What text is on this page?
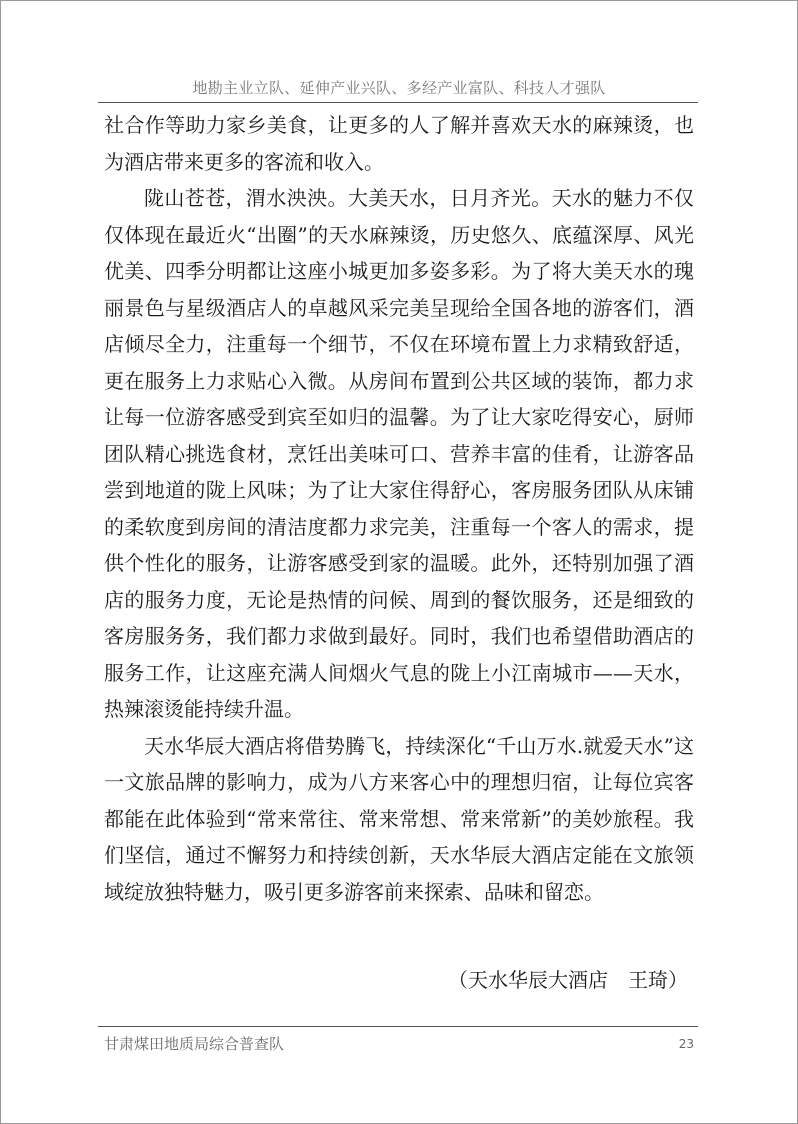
地勘主业立队、延伸产业兴队、多经产业富队、科技人才强队

社合作等助力家乡美食，让更多的人了解并喜欢天水的麻辣烫，也为酒店带来更多的客流和收入。

陇山苍苍，渭水泱泱。大美天水，日月齐光。天水的魅力不仅仅体现在最近火“出圈”的天水麻辣烫，历史悠久、底蕴深厚、风光优美、四季分明都让这座小城更加多姿多彩。为了将大美天水的瑰丽景色与星级酒店人的卓越风采完美呈现给全国各地的游客们，酒店倾尽全力，注重每一个细节，不仅在环境布置上力求精致舒适，更在服务上力求贴心入微。从房间布置到公共区域的装饰，都力求让每一位游客感受到宾至如归的温馨。为了让大家吃得安心，厨师团队精心挑选食材，烹饪出美味可口、营养丰富的佳肴，让游客品尝到地道的陇上风味；为了让大家住得舒心，客房服务团队从床铺的柔软度到房间的清洁度都力求完美，注重每一个客人的需求，提供个性化的服务，让游客感受到家的温暖。此外，还特别加强了酒店的服务力度，无论是热情的问候、周到的餐饮服务，还是细致的客房服务务，我们都力求做到最好。同时，我们也希望借助酒店的服务工作，让这座充满人间烟火气息的陇上小江南城市——天水，热辣滚烫能持续升温。

天水华辰大酒店将借势腾飞，持续深化“千山万水.就爱天水”这一文旅品牌的影响力，成为八方来客心中的理想归宿，让每位宾客都能在此体验到“常来常往、常来常想、常来常新”的美妙旅程。我们坚信，通过不懈努力和持续创新，天水华辰大酒店定能在文旅领域绽放独特魅力，吸引更多游客前来探索、品味和留恋。

（天水华辰大酒店　王琦）
甘肃煤田地质局综合普查队	23
